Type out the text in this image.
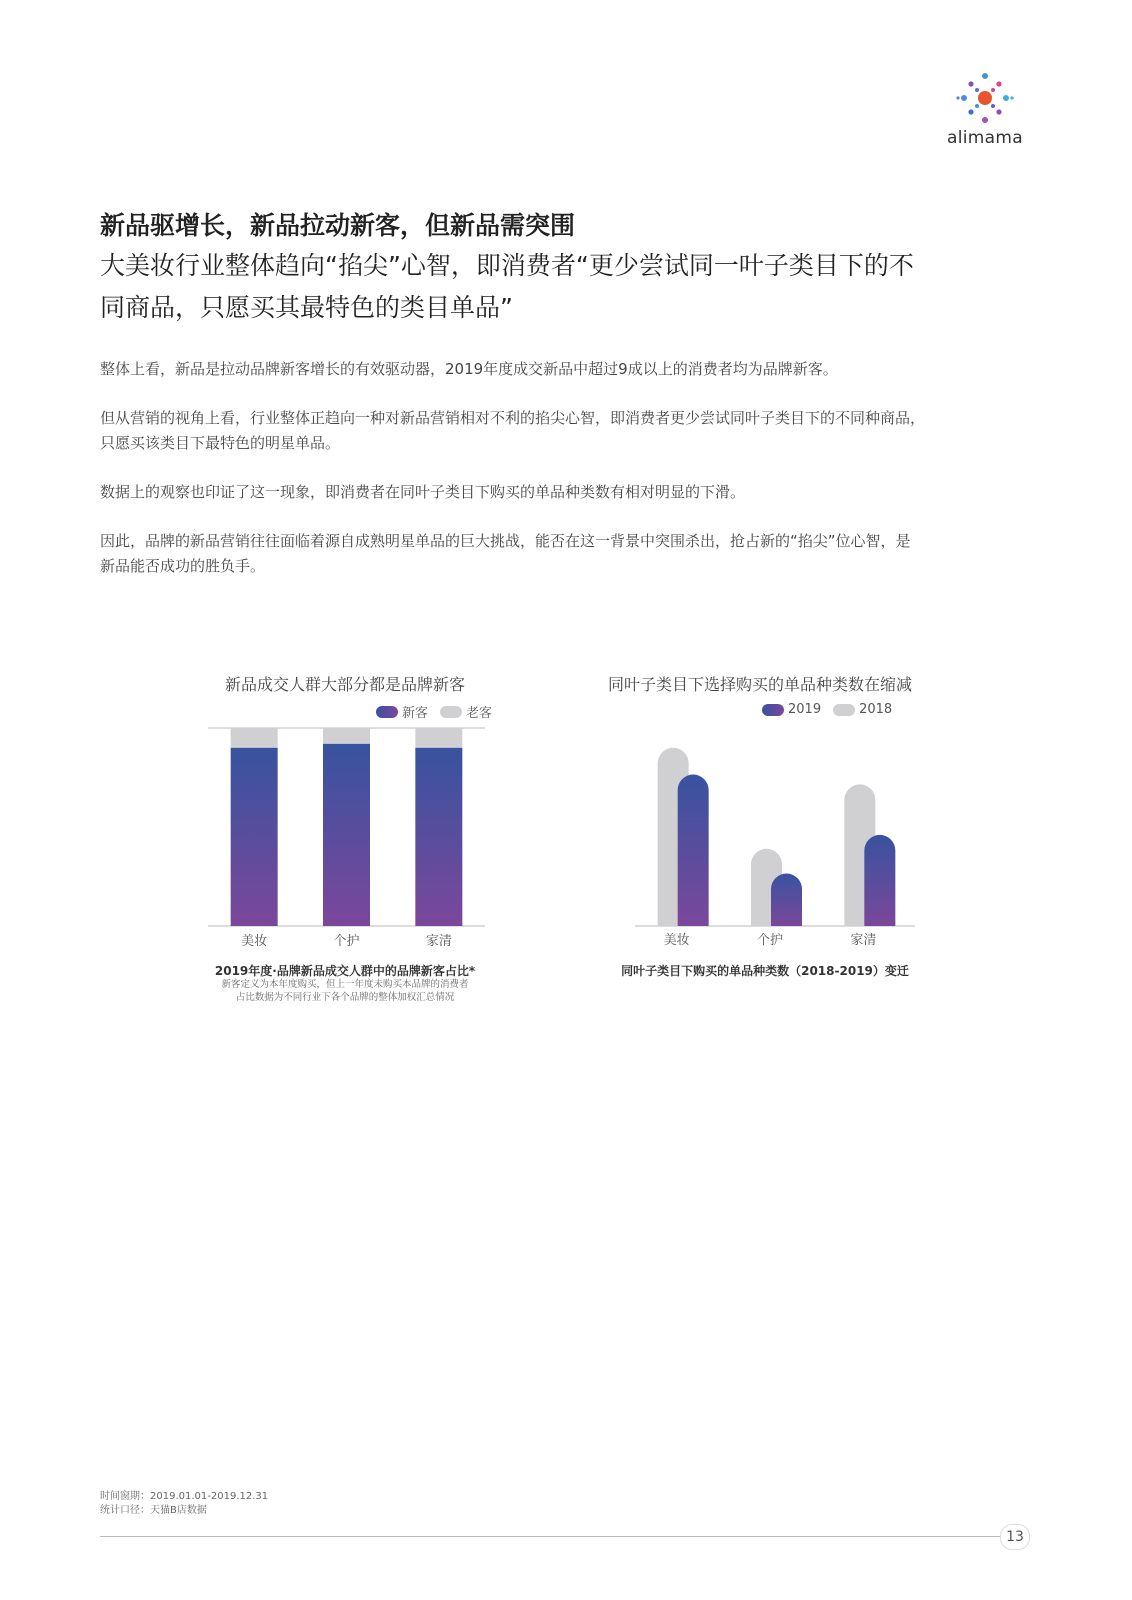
alimama
新品驱增长，新品拉动新客，但新品需突围
大美妆行业整体趋向“掐尖”心智，即消费者“更少尝试同一叶子类目下的不
同商品，只愿买其最特色的类目单品”

整体上看，新品是拉动品牌新客增长的有效驱动器，2019年度成交新品中超过9成以上的消费者均为品牌新客。

但从营销的视角上看，行业整体正趋向一种对新品营销相对不利的掐尖心智，即消费者更少尝试同叶子类目下的不同种商品，
只愿买该类目下最特色的明星单品。

数据上的观察也印证了这一现象，即消费者在同叶子类目下购买的单品种类数有相对明显的下滑。

因此，品牌的新品营销往往面临着源自成熟明星单品的巨大挑战，能否在这一背景中突围杀出，抢占新的“掐尖”位心智，是
新品能否成功的胜负手。

新品成交人群大部分都是品牌新客
新客	老客
美妆	个护	家清
2019年度·品牌新品成交人群中的品牌新客占比*
新客定义为本年度购买，但上一年度未购买本品牌的消费者
占比数据为不同行业下各个品牌的整体加权汇总情况
同叶子类目下选择购买的单品种类数在缩减
2019	2018
美妆	个护	家清
同叶子类目下购买的单品种类数（2018-2019）变迁
时间窗期：2019.01.01-2019.12.31
统计口径：天猫B店数据
13
